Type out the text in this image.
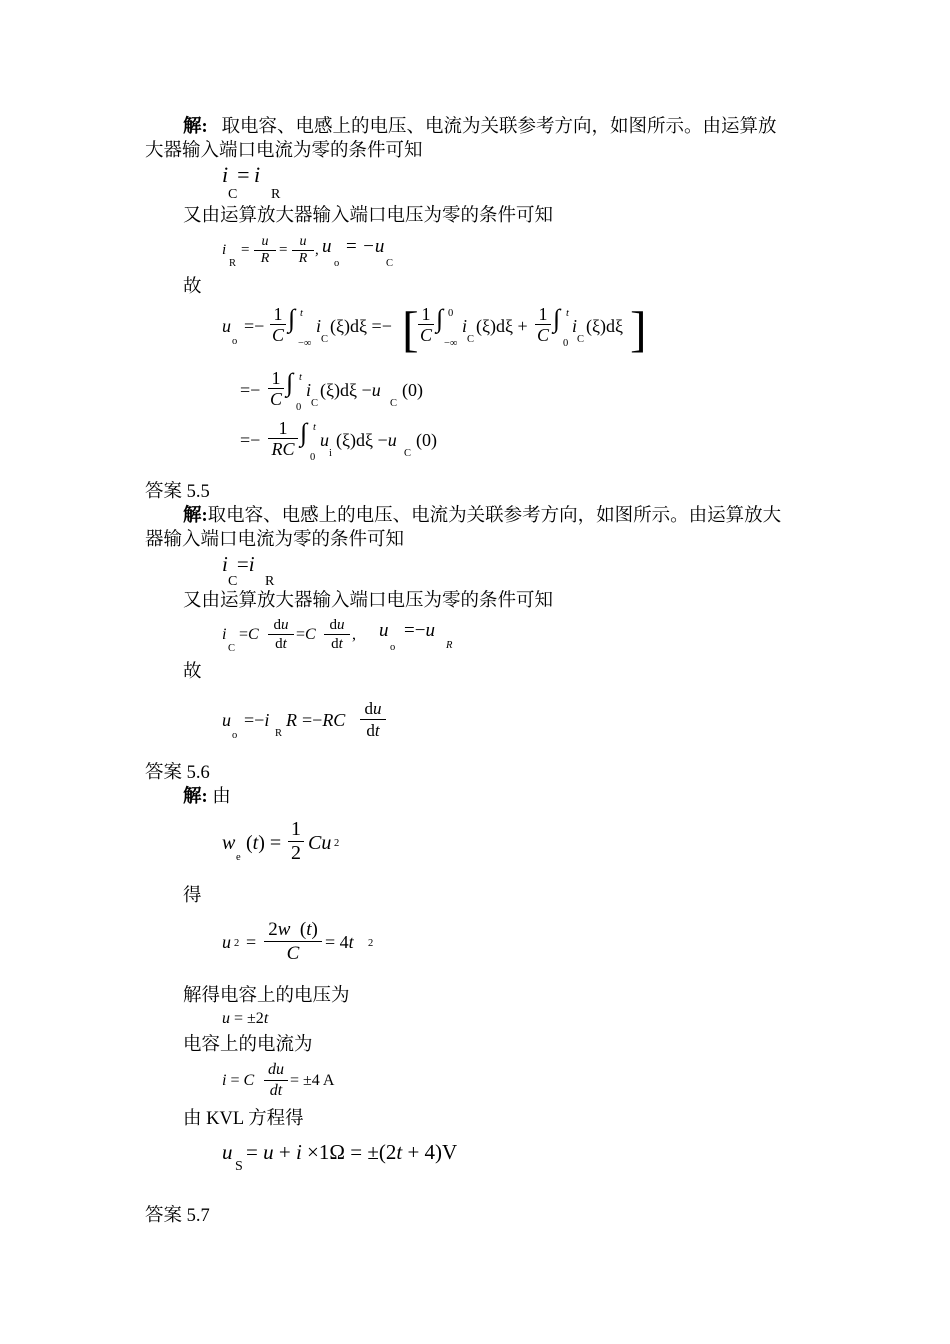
解: 取电容、电感上的电压、电流为关联参考方向，如图所示。由运算放
大器输入端口电流为零的条件可知
i = i
C R
又由运算放大器输入端口电压为零的条件可知
i
R
= $\frac{u}{R} = \frac{u}{R}$ , u
o
= −u
C
故
u
o
=− $\frac{1}{C}$ ∫ t
−∞
i
C
(ξ)dξ =− [ $\frac{1}{C}$ ∫ 0
−∞
i
C
$(\xi)d\xi + \frac{1}{C}$ ∫ t
0
i
C
(ξ)dξ ]
=− $\frac{1}{C}$ ∫ t
0
i
C
(ξ)dξ −u
C
(0)
=− $\frac{1}{RC}$ ∫ t
0
u
i
(ξ)dξ −u
C
(0)
答案 5.5
解:取电容、电感上的电压、电流为关联参考方向，如图所示。由运算放大
器输入端口电流为零的条件可知
i =i
C R
又由运算放大器输入端口电压为零的条件可知
i
C
$=C \frac{du}{dt} =C \frac{du}{dt}$ , u
o
=−u
R
故
u
o
=−i
R
$R =-RC \frac{du}{dt}$
答案 5.6
解: 由
w
e
$(t) = \frac{1}{2}$ Cu 2
得
u $2 = \frac{2w (t)}{C} = 4t$ 2
解得电容上的电压为
u = ±2t
电容上的电流为
i = C $\frac{du}{dt} = \pm 4$ A
由 KVL 方程得
u
S
= u + i ×1Ω = ±(2t + 4)V
答案 5.7
